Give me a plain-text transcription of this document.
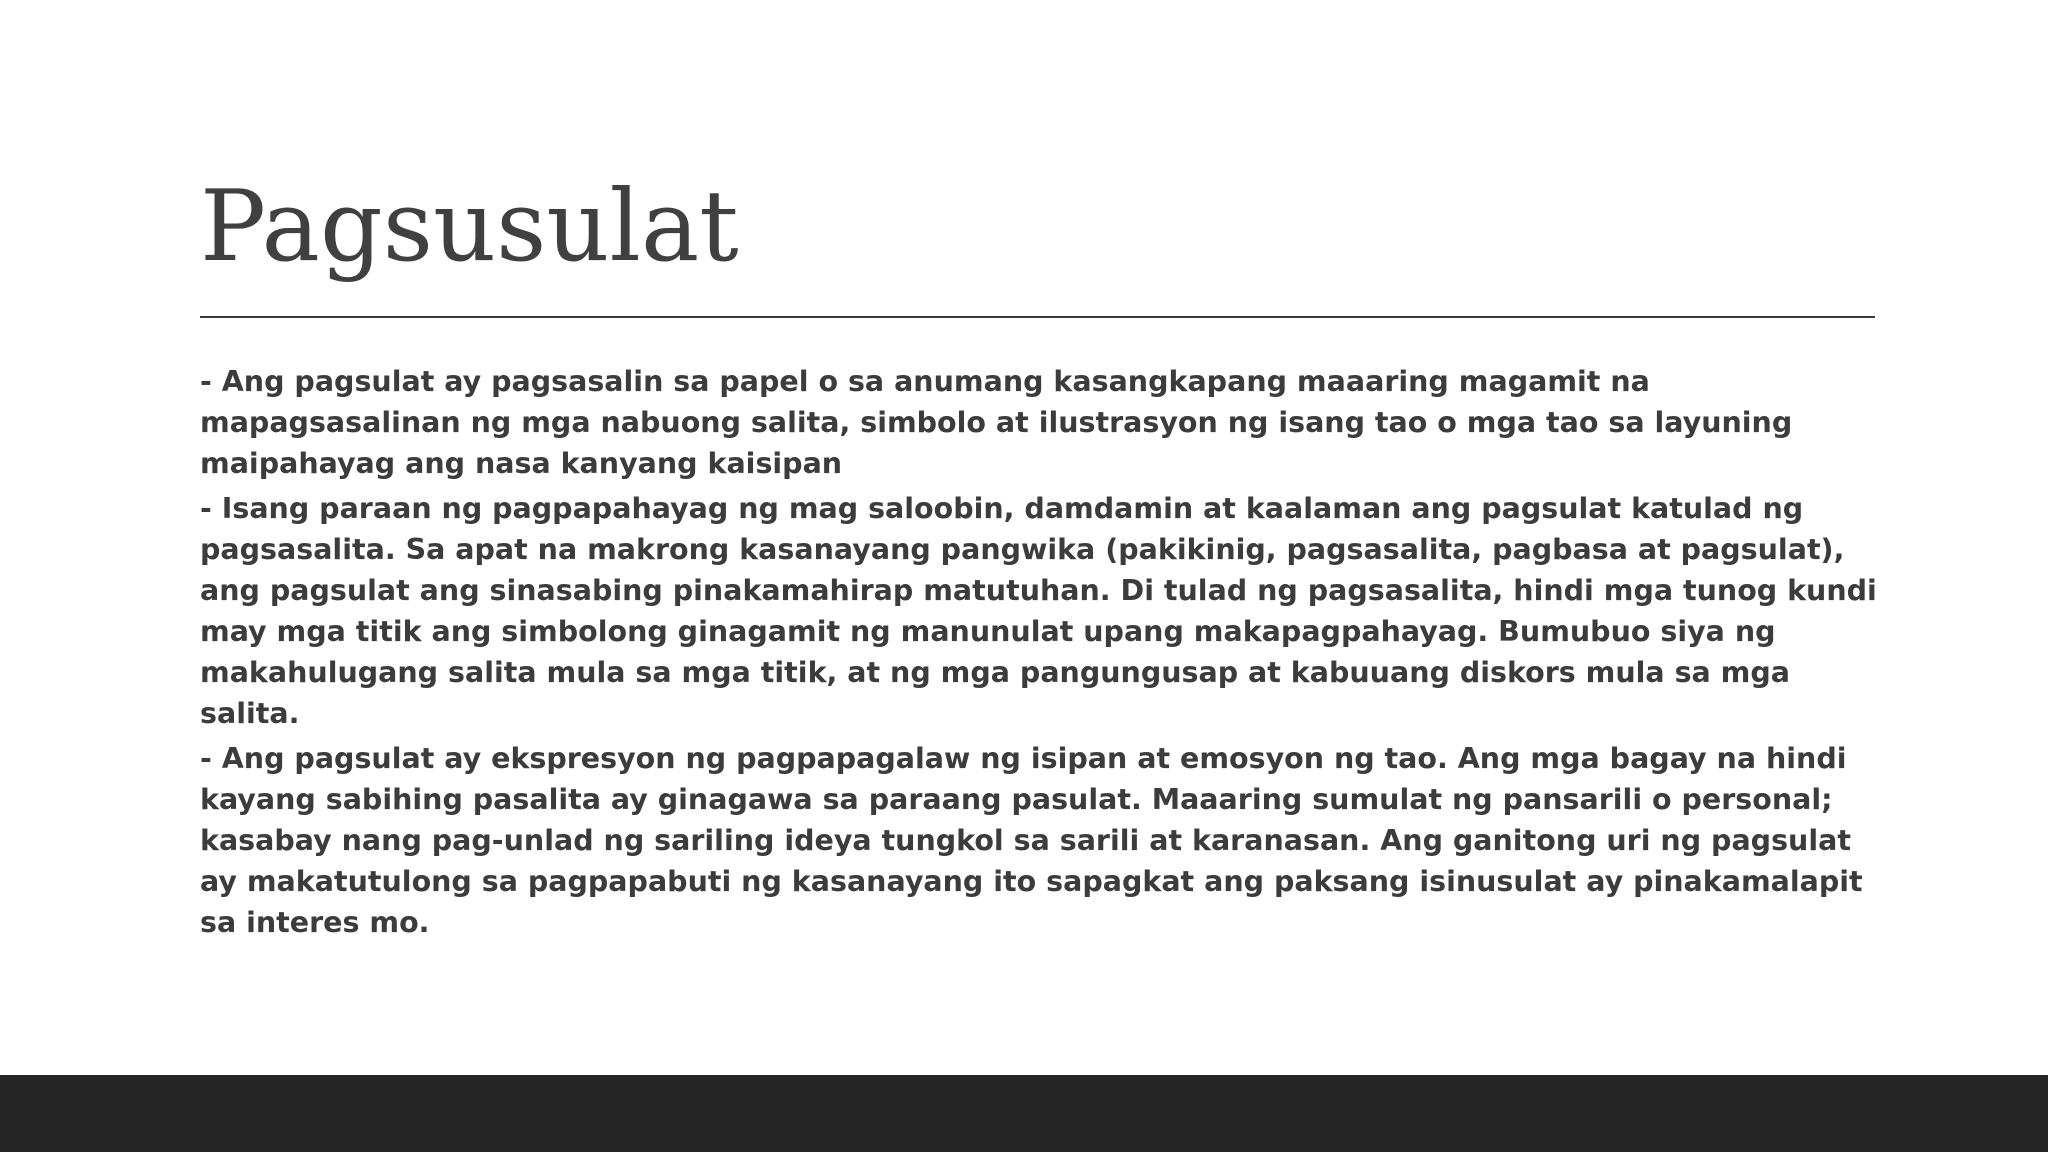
Pagsusulat

- Ang pagsulat ay pagsasalin sa papel o sa anumang kasangkapang maaaring magamit na mapagsasalinan ng mga nabuong salita, simbolo at ilustrasyon ng isang tao o mga tao sa layuning maipahayag ang nasa kanyang kaisipan

- Isang paraan ng pagpapahayag ng mag saloobin, damdamin at kaalaman ang pagsulat katulad ng pagsasalita. Sa apat na makrong kasanayang pangwika (pakikinig, pagsasalita, pagbasa at pagsulat), ang pagsulat ang sinasabing pinakamahirap matutuhan. Di tulad ng pagsasalita, hindi mga tunog kundi may mga titik ang simbolong ginagamit ng manunulat upang makapagpahayag. Bumubuo siya ng makahulugang salita mula sa mga titik, at ng mga pangungusap at kabuuang diskors mula sa mga salita.

- Ang pagsulat ay ekspresyon ng pagpapagalaw ng isipan at emosyon ng tao. Ang mga bagay na hindi kayang sabihing pasalita ay ginagawa sa paraang pasulat. Maaaring sumulat ng pansarili o personal; kasabay nang pag-unlad ng sariling ideya tungkol sa sarili at karanasan. Ang ganitong uri ng pagsulat ay makatutulong sa pagpapabuti ng kasanayang ito sapagkat ang paksang isinusulat ay pinakamalapit sa interes mo.
